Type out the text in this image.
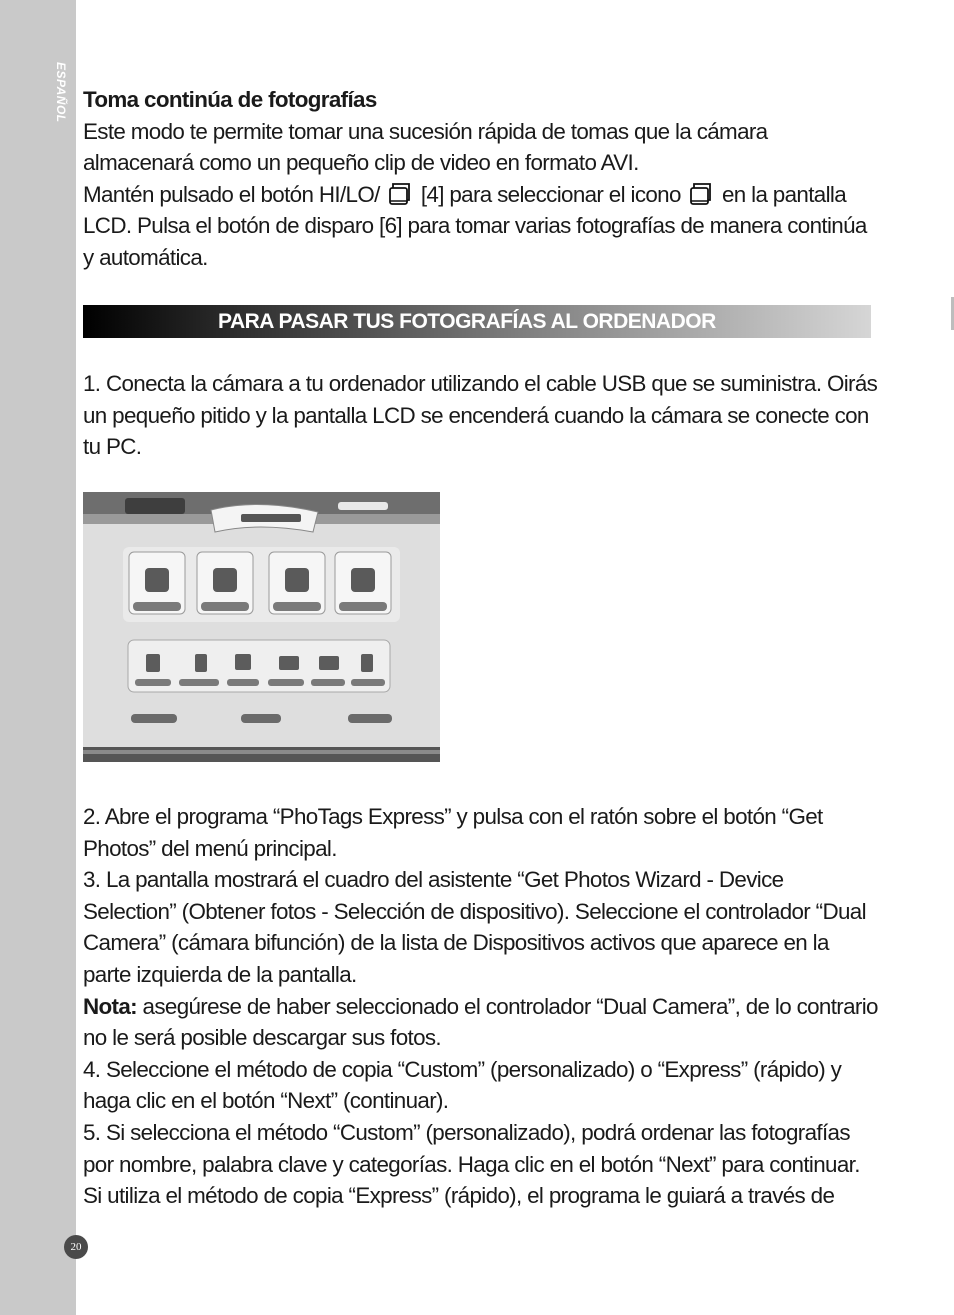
ESPAÑOL Toma continúa de fotografías

Este modo te permite tomar una sucesión rápida de tomas que la cámara almacenará como un pequeño clip de video en formato AVI.

Mantén pulsado el botón HI/LO/ [4] para seleccionar el icono en la pantalla LCD. Pulsa el botón de disparo [6] para tomar varias fotografías de manera continúa y automática.

PARA PASAR TUS FOTOGRAFÍAS AL ORDENADOR

1. Conecta la cámara a tu ordenador utilizando el cable USB que se suministra. Oirás un pequeño pitido y la pantalla LCD se encenderá cuando la cámara se conecte con tu PC.

2. Abre el programa “PhoTags Express” y pulsa con el ratón sobre el botón “Get Photos” del menú principal.

3. La pantalla mostrará el cuadro del asistente “Get Photos Wizard - Device Selection” (Obtener fotos - Selección de dispositivo). Seleccione el controlador “Dual Camera” (cámara bifunción) de la lista de Dispositivos activos que aparece en la parte izquierda de la pantalla.

Nota: asegúrese de haber seleccionado el controlador “Dual Camera”, de lo contrario no le será posible descargar sus fotos.

4. Seleccione el método de copia “Custom” (personalizado) o “Express” (rápido) y haga clic en el botón “Next” (continuar).

5. Si selecciona el método “Custom” (personalizado), podrá ordenar las fotografías por nombre, palabra clave y categorías. Haga clic en el botón “Next” para continuar. Si utiliza el método de copia “Express” (rápido), el programa le guiará a través de

20
